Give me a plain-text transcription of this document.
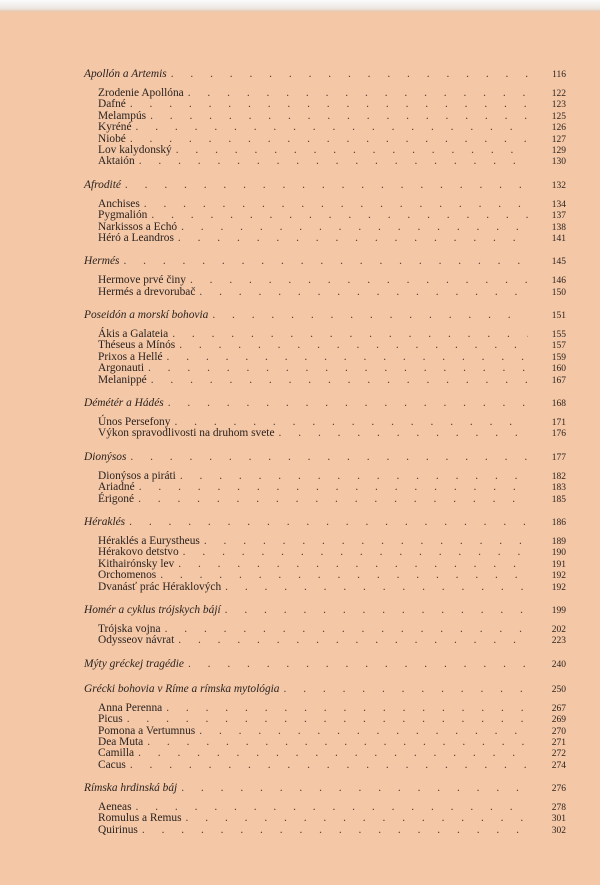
Apollón a Artemis . . .	116
Zrodenie Apollóna . . .	122
Dafné . . .	123
Melampús . . .	125
Kyréné . . .	126
Niobé . . .	127
Lov kalydonský . . .	129
Aktaión . . .	130
Afrodité . . .	132
Anchises . . .	134
Pygmalión . . .	137
Narkissos a Echó . . .	138
Héró a Leandros . . .	141
Hermés . . .	145
Hermove prvé činy . . .	146
Hermés a drevorubač . . .	150
Poseidón a morskí bohovia . . .	151
Ákis a Galateia . . .	155
Théseus a Mínós . . .	157
Prixos a Hellé . . .	159
Argonauti . . .	160
Melanippé . . .	167
Démétér a Hádés . . .	168
Únos Persefony . . .	171
Výkon spravodlivosti na druhom svete . . .	176
Dionýsos . . .	177
Dionýsos a piráti . . .	182
Ariadné . . .	183
Érigoné . . .	185
Héraklés . . .	186
Héraklés a Eurystheus . . .	189
Hérakovo detstvo . . .	190
Kithairónsky lev . . .	191
Orchomenos . . .	192
Dvanásť prác Héraklových . . .	192
Homér a cyklus trójskych bájí . . .	199
Trójska vojna . . .	202
Odysseov návrat . . .	223
Mýty gréckej tragédie . . .	240
Grécki bohovia v Ríme a rímska mytológia . . .	250
Anna Perenna . . .	267
Picus . . .	269
Pomona a Vertumnus . . .	270
Dea Muta . . .	271
Camilla . . .	272
Cacus . . .	274
Rímska hrdinská báj . . .	276
Aeneas . . .	278
Romulus a Remus . . .	301
Quirinus . . .	302
